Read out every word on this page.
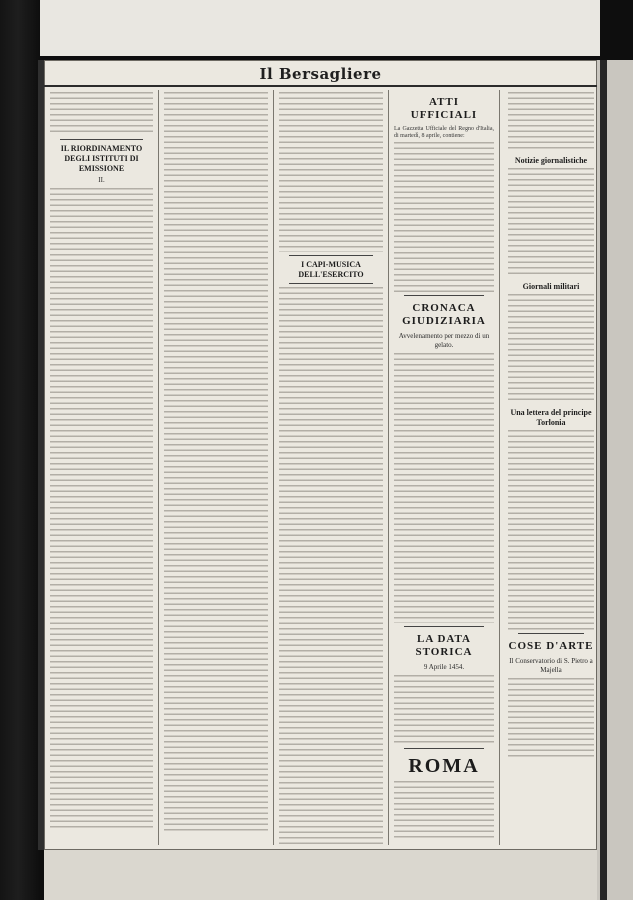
Il Bersagliere
IL RIORDINAMENTO DEGLI ISTITUTI DI EMISSIONE
II.
I CAPI-MUSICA DELL'ESERCITO
ATTI UFFICIALI
La Gazzetta Ufficiale del Regno d'Italia, di martedì, 8 aprile, contiene:
CRONACA GIUDIZIARIA
Avvelenamento per mezzo di un gelato.
LA DATA STORICA
9 Aprile 1454.
ROMA
Notizie giornalistiche
Giornali militari
Una lettera del principe Torlonia
COSE D'ARTE
Il Conservatorio di S. Pietro a Majella
